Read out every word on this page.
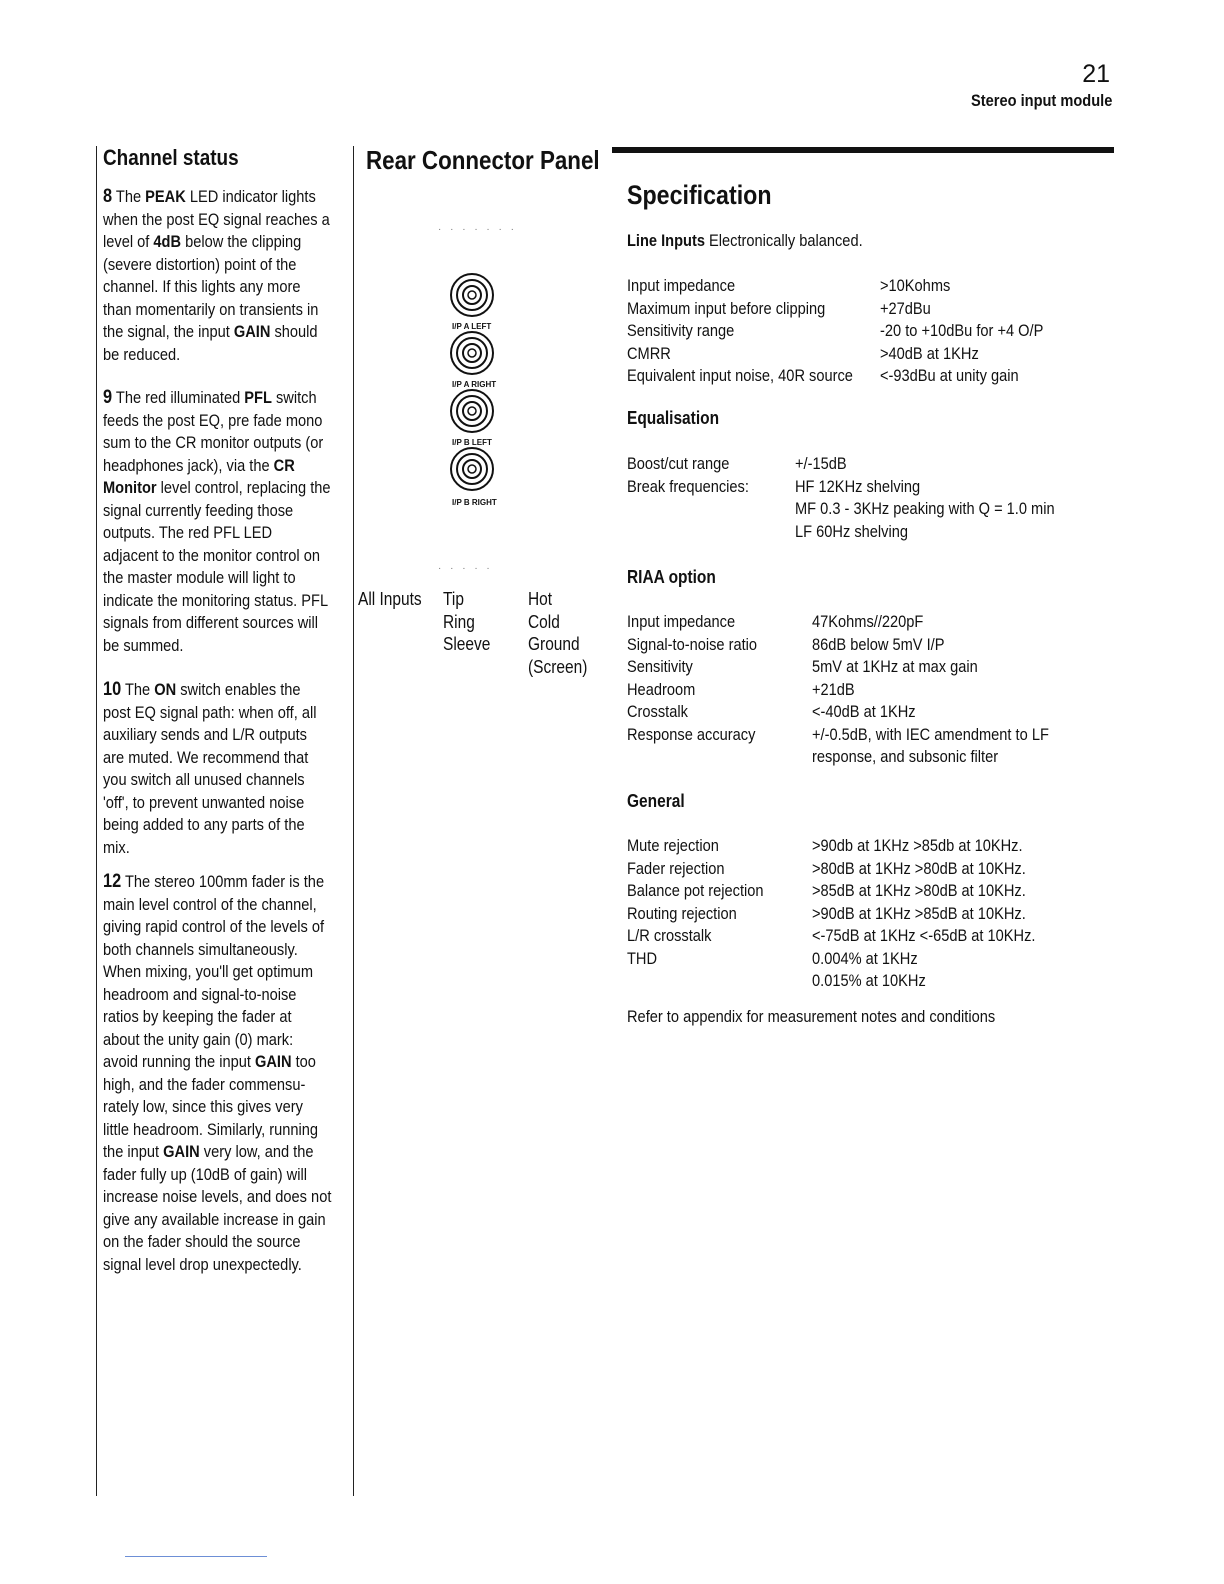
21
Stereo input module
Channel status
8 The PEAK LED indicator lights
when the post EQ signal reaches a
level of 4dB below the clipping
(severe distortion) point of the
channel. If this lights any more
than momentarily on transients in
the signal, the input GAIN should
be reduced.
9 The red illuminated PFL switch
feeds the post EQ, pre fade mono
sum to the CR monitor outputs (or
headphones jack), via the CR
Monitor level control, replacing the
signal currently feeding those
outputs. The red PFL LED
adjacent to the monitor control on
the master module will light to
indicate the monitoring status. PFL
signals from different sources will
be summed.
10 The ON switch enables the
post EQ signal path: when off, all
auxiliary sends and L/R outputs
are muted. We recommend that
you switch all unused channels
'off', to prevent unwanted noise
being added to any parts of the
mix.
12 The stereo 100mm fader is the
main level control of the channel,
giving rapid control of the levels of
both channels simultaneously.
When mixing, you'll get optimum
headroom and signal-to-noise
ratios by keeping the fader at
about the unity gain (0) mark:
avoid running the input GAIN too
high, and the fader commensu-
rately low, since this gives very
little headroom. Similarly, running
the input GAIN very low, and the
fader fully up (10dB of gain) will
increase noise levels, and does not
give any available increase in gain
on the fader should the source
signal level drop unexpectedly.
Rear Connector Panel
· · · · · · ·
I/P A LEFT
I/P A RIGHT
I/P B LEFT
I/P B RIGHT
· · · · ·
All Inputs Tip
Ring
Sleeve
Hot
Cold
Ground
(Screen)
Specification
Line Inputs Electronically balanced.
Input impedance
Maximum input before clipping
Sensitivity range
CMRR
Equivalent input noise, 40R source
>10Kohms
+27dBu
-20 to +10dBu for +4 O/P
>40dB at 1KHz
<-93dBu at unity gain
Equalisation
Boost/cut range
Break frequencies:
+/-15dB
HF 12KHz shelving
MF 0.3 - 3KHz peaking with Q = 1.0 min
LF 60Hz shelving
RIAA option
Input impedance
Signal-to-noise ratio
Sensitivity
Headroom
Crosstalk
Response accuracy
47Kohms//220pF
86dB below 5mV I/P
5mV at 1KHz at max gain
+21dB
<-40dB at 1KHz
+/-0.5dB, with IEC amendment to LF
response, and subsonic filter
General
Mute rejection
Fader rejection
Balance pot rejection
Routing rejection
L/R crosstalk
THD
>90db at 1KHz >85db at 10KHz.
>80dB at 1KHz >80dB at 10KHz.
>85dB at 1KHz >80dB at 10KHz.
>90dB at 1KHz >85dB at 10KHz.
<-75dB at 1KHz <-65dB at 10KHz.
0.004% at 1KHz
0.015% at 10KHz
Refer to appendix for measurement notes and conditions
